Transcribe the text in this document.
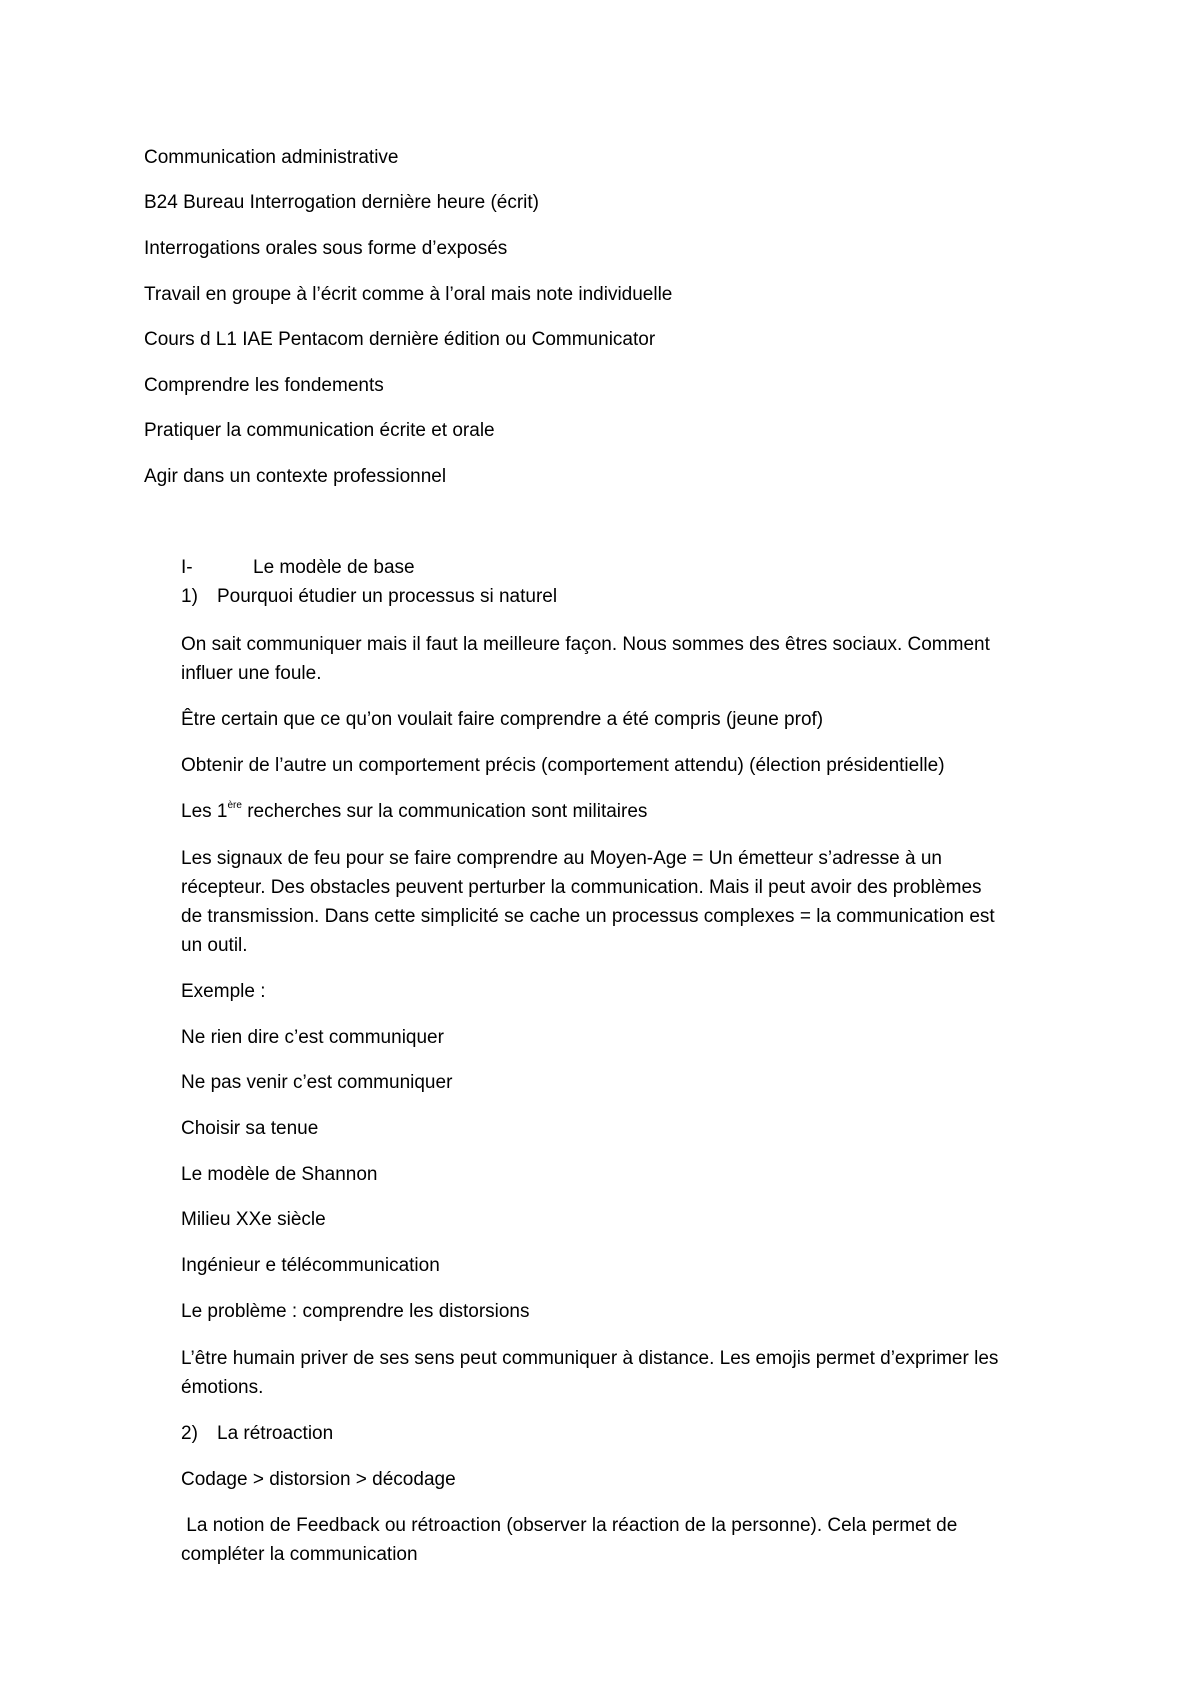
Communication administrative

B24 Bureau Interrogation dernière heure (écrit)

Interrogations orales sous forme d’exposés

Travail en groupe à l’écrit comme à l’oral mais note individuelle

Cours d L1 IAE Pentacom dernière édition ou Communicator

Comprendre les fondements

Pratiquer la communication écrite et orale

Agir dans un contexte professionnel

I-	Le modèle de base
1) Pourquoi étudier un processus si naturel

On sait communiquer mais il faut la meilleure façon. Nous sommes des êtres sociaux. Comment

influer une foule.

Être certain que ce qu’on voulait faire comprendre a été compris (jeune prof)

Obtenir de l’autre un comportement précis (comportement attendu) (élection présidentielle)

Les 1ère recherches sur la communication sont militaires

Les signaux de feu pour se faire comprendre au Moyen-Age = Un émetteur s’adresse à un

récepteur. Des obstacles peuvent perturber la communication. Mais il peut avoir des problèmes

de transmission. Dans cette simplicité se cache un processus complexes = la communication est

un outil.

Exemple :

Ne rien dire c’est communiquer

Ne pas venir c’est communiquer

Choisir sa tenue

Le modèle de Shannon

Milieu XXe siècle

Ingénieur e télécommunication

Le problème : comprendre les distorsions

L’être humain priver de ses sens peut communiquer à distance. Les emojis permet d’exprimer les

émotions.

2) La rétroaction

Codage > distorsion > décodage

La notion de Feedback ou rétroaction (observer la réaction de la personne). Cela permet de

compléter la communication
